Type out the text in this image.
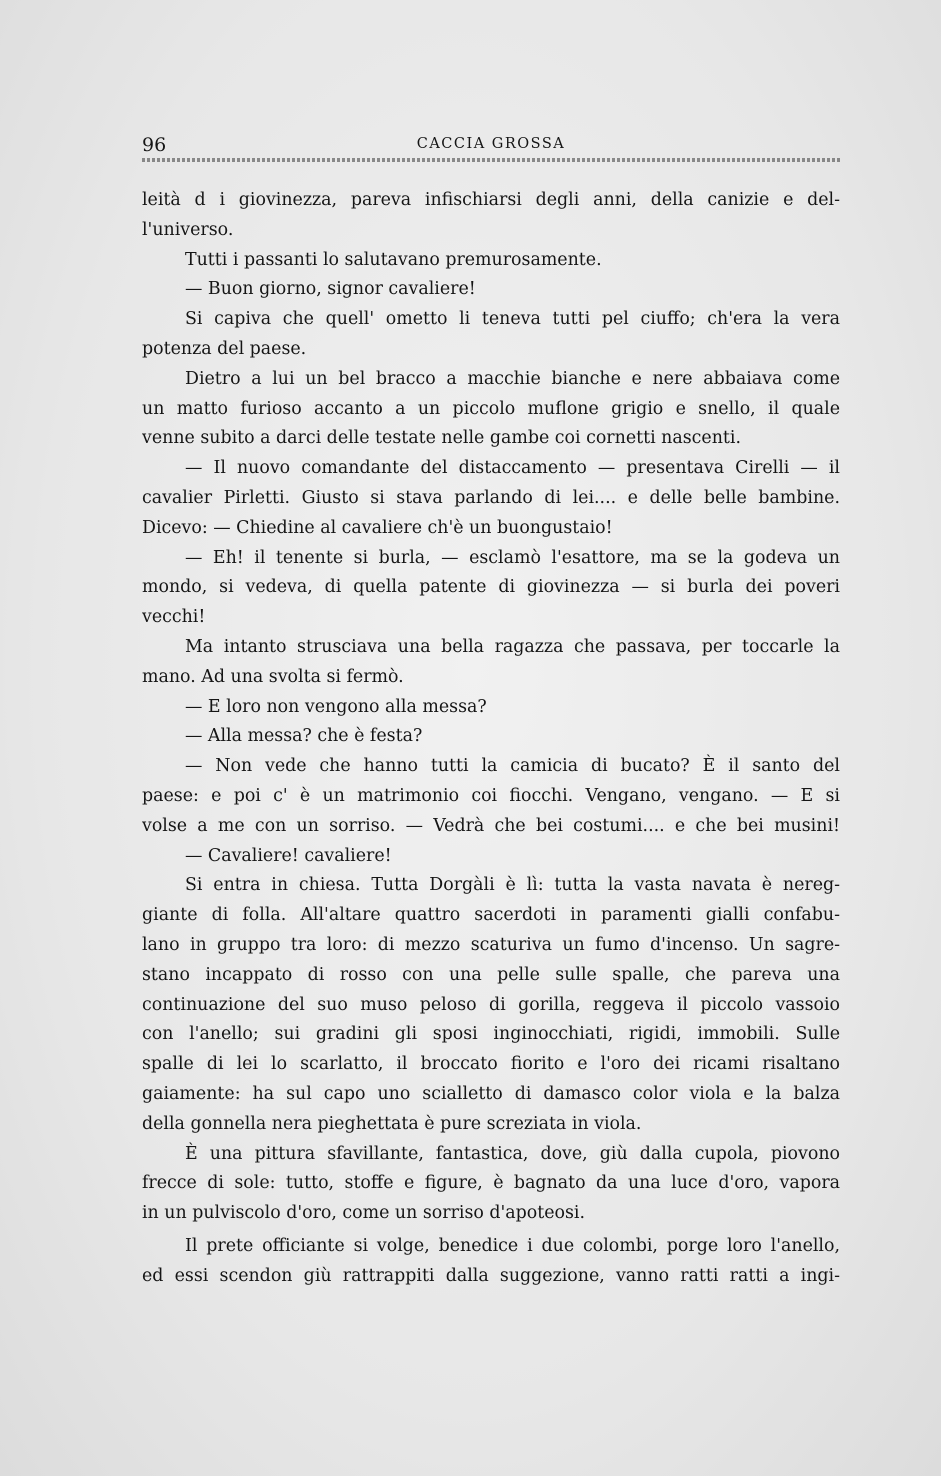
96	CACCIA GROSSA
leità d i giovinezza, pareva infischiarsi degli anni, della canizie e del-
l'universo.
Tutti i passanti lo salutavano premurosamente.
— Buon giorno, signor cavaliere!
Si capiva che quell' ometto li teneva tutti pel ciuffo; ch'era la vera
potenza del paese.
Dietro a lui un bel bracco a macchie bianche e nere abbaiava come
un matto furioso accanto a un piccolo muflone grigio e snello, il quale
venne subito a darci delle testate nelle gambe coi cornetti nascenti.
— Il nuovo comandante del distaccamento — presentava Cirelli — il
cavalier Pirletti. Giusto si stava parlando di lei.... e delle belle bambine.
Dicevo: — Chiedine al cavaliere ch'è un buongustaio!
— Eh! il tenente si burla, — esclamò l'esattore, ma se la godeva un
mondo, si vedeva, di quella patente di giovinezza — si burla dei poveri
vecchi!
Ma intanto strusciava una bella ragazza che passava, per toccarle la
mano. Ad una svolta si fermò.
— E loro non vengono alla messa?
— Alla messa? che è festa?
— Non vede che hanno tutti la camicia di bucato? È il santo del
paese: e poi c' è un matrimonio coi fiocchi. Vengano, vengano. — E si
volse a me con un sorriso. — Vedrà che bei costumi.... e che bei musini!
— Cavaliere! cavaliere!
Si entra in chiesa. Tutta Dorgàli è lì: tutta la vasta navata è nereg-
giante di folla. All'altare quattro sacerdoti in paramenti gialli confabu-
lano in gruppo tra loro: di mezzo scaturiva un fumo d'incenso. Un sagre-
stano incappato di rosso con una pelle sulle spalle, che pareva una
continuazione del suo muso peloso di gorilla, reggeva il piccolo vassoio
con l'anello; sui gradini gli sposi inginocchiati, rigidi, immobili. Sulle
spalle di lei lo scarlatto, il broccato fiorito e l'oro dei ricami risaltano
gaiamente: ha sul capo uno scialletto di damasco color viola e la balza
della gonnella nera pieghettata è pure screziata in viola.
È una pittura sfavillante, fantastica, dove, giù dalla cupola, piovono
frecce di sole: tutto, stoffe e figure, è bagnato da una luce d'oro, vapora
in un pulviscolo d'oro, come un sorriso d'apoteosi.
Il prete officiante si volge, benedice i due colombi, porge loro l'anello,
ed essi scendon giù rattrappiti dalla suggezione, vanno ratti ratti a ingi-
